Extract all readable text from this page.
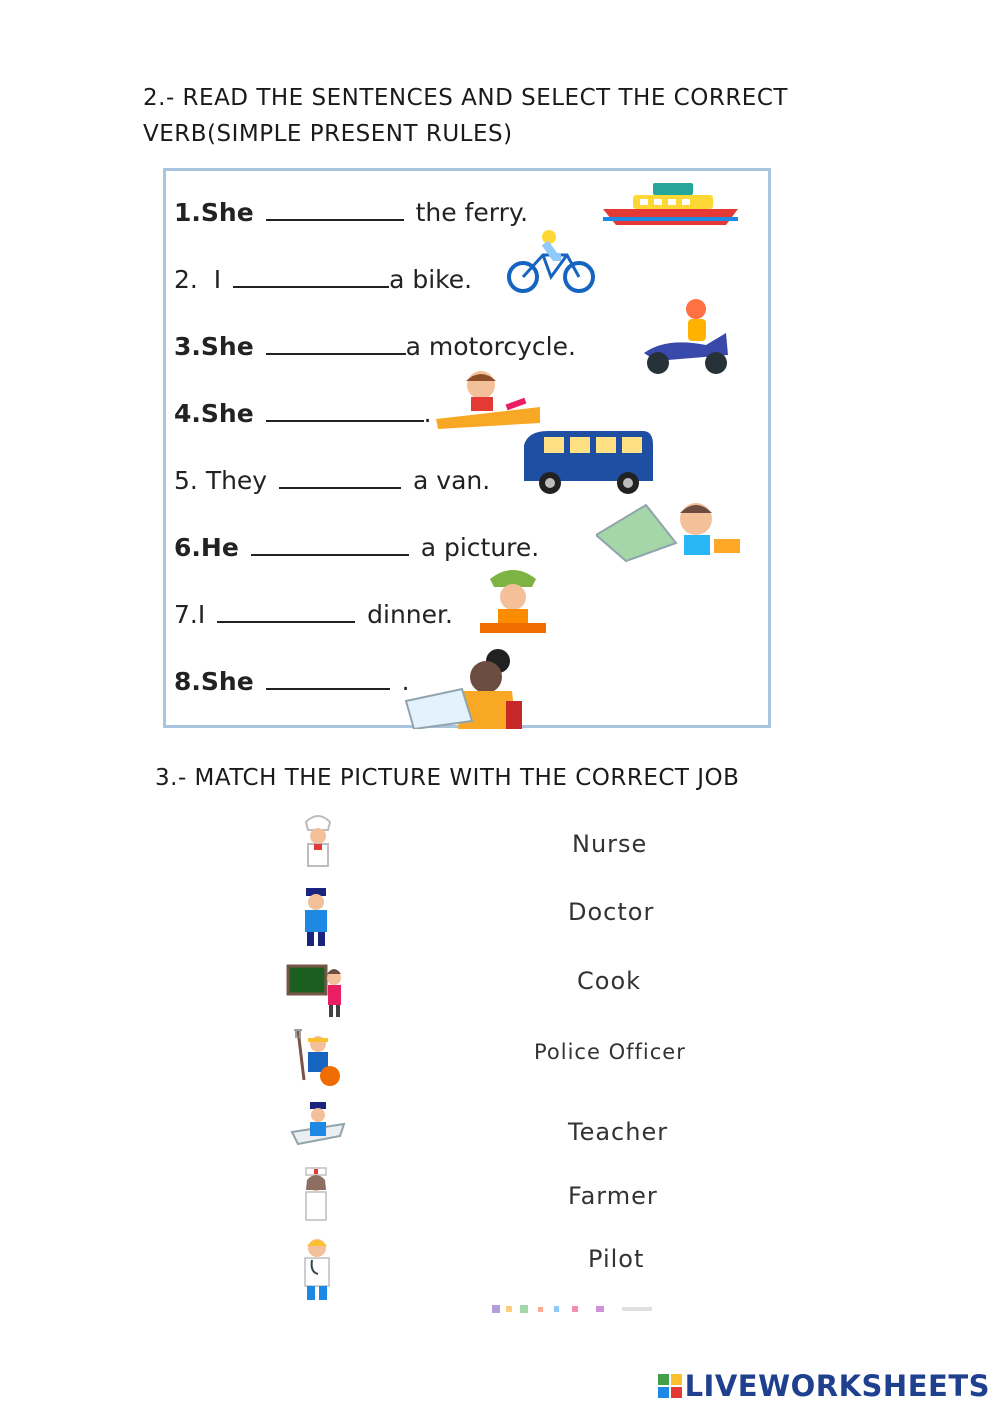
2.- READ THE SENTENCES AND SELECT THE CORRECT
VERB(SIMPLE PRESENT RULES)
1.She	the ferry.
2. I	a bike.
3.She	a motorcycle.
4.She	.
5. They	a van.
6.He	a picture.
7.I	dinner.
8.She	.
3.- MATCH THE PICTURE WITH THE CORRECT JOB
Nurse
Doctor
Cook
Police Officer
Teacher
Farmer
Pilot
LIVEWORKSHEETS
